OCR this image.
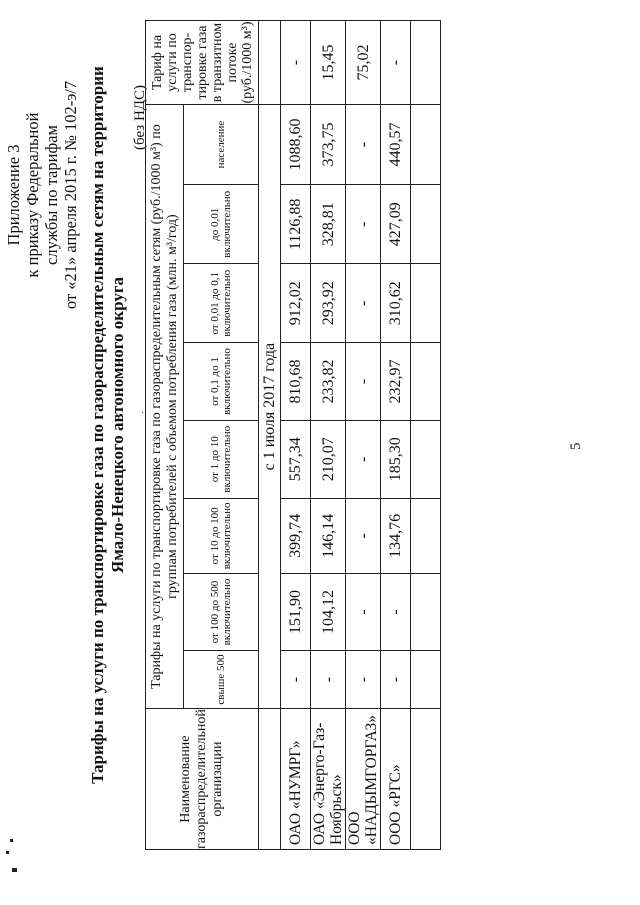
Приложение 3 к приказу Федеральной службы по тарифам от «21» апреля 2015 г. № 102-э/7 Тарифы на услуги по транспортировке газа по газораспределительным сетям на территории Ямало-Ненецкого автономного округа -
(без НДС)
Наименование газораспределительной организации	Тарифы на услуги по транспортировке газа по газораспределительным сетям (руб./1000 м³) по группам потребителей с объемом потребления газа (млн. м³/год)								Тариф на услуги по транспор-тировке газа в транзитном потоке (руб./1000 м³)
	свыше 500	от 100 до 500 включительно	от 10 до 100 включительно	от 1 до 10 включительно	от 0,1 до 1 включительно	от 0,01 до 0,1 включительно	до 0,01 включительно	население	
	с 1 июля 2017 года								
ОАО «НУМРГ»	-	151,90	399,74	557,34	810,68	912,02	1126,88	1088,60	-
ОАО «Энерго-Газ-Ноябрьск»	-	104,12	146,14	210,07	233,82	293,92	328,81	373,75	15,45
ООО «НАДЫМГОРГАЗ»	-	-	-	-	-	-	-	-	75,02
ООО «РГС»	-	-	134,76	185,30	232,97	310,62	427,09	440,57	-

5
